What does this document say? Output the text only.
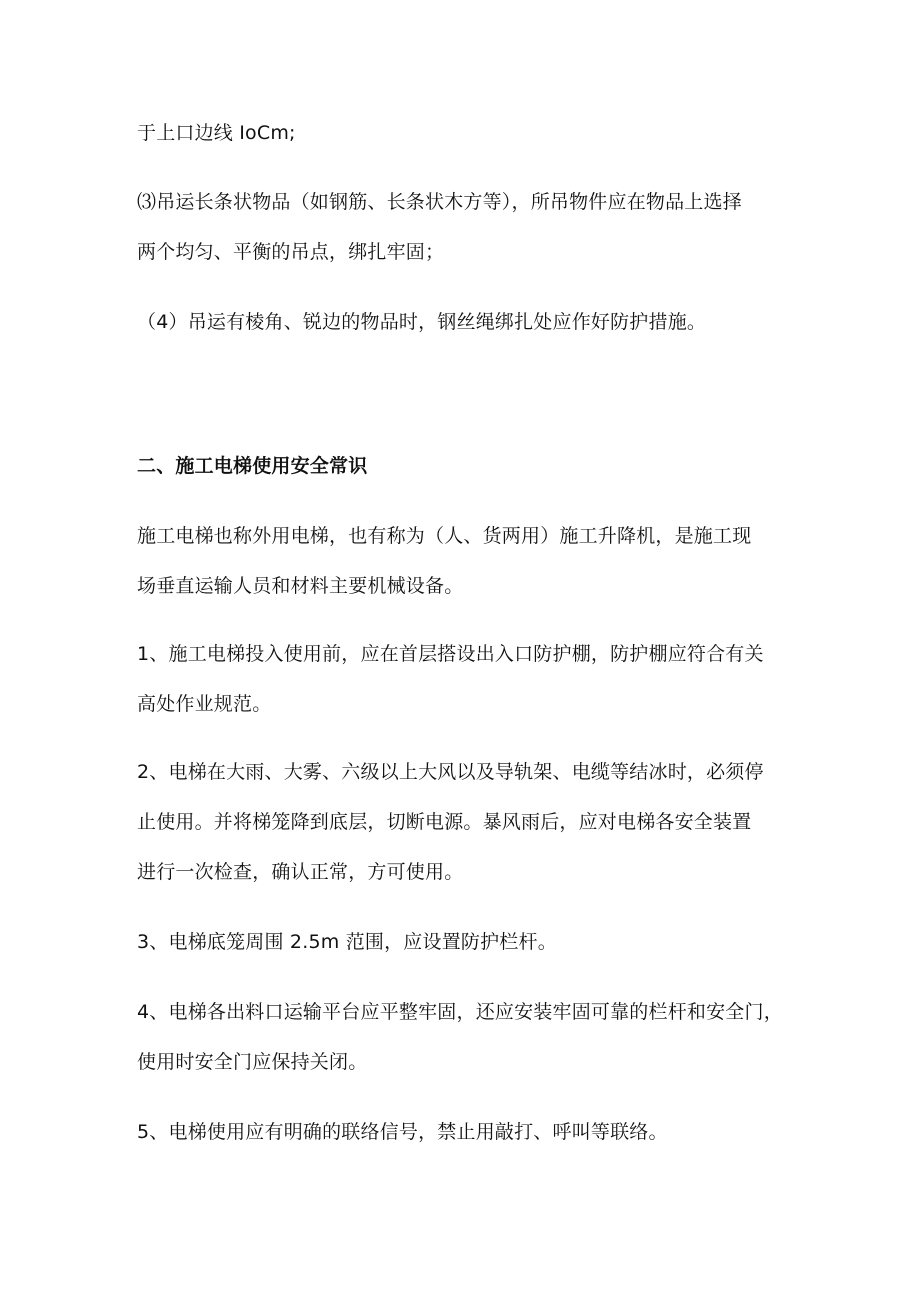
于上口边线 IoCm;
⑶吊运长条状物品（如钢筋、长条状木方等），所吊物件应在物品上选择
两个均匀、平衡的吊点，绑扎牢固；
（4）吊运有棱角、锐边的物品时，钢丝绳绑扎处应作好防护措施。
二、施工电梯使用安全常识
施工电梯也称外用电梯，也有称为（人、货两用）施工升降机，是施工现
场垂直运输人员和材料主要机械设备。
1、施工电梯投入使用前，应在首层搭设出入口防护棚，防护棚应符合有关
高处作业规范。
2、电梯在大雨、大雾、六级以上大风以及导轨架、电缆等结冰时，必须停
止使用。并将梯笼降到底层，切断电源。暴风雨后，应对电梯各安全装置
进行一次检查，确认正常，方可使用。
3、电梯底笼周围 2.5m 范围，应设置防护栏杆。
4、电梯各出料口运输平台应平整牢固，还应安装牢固可靠的栏杆和安全门，
使用时安全门应保持关闭。
5、电梯使用应有明确的联络信号，禁止用敲打、呼叫等联络。
